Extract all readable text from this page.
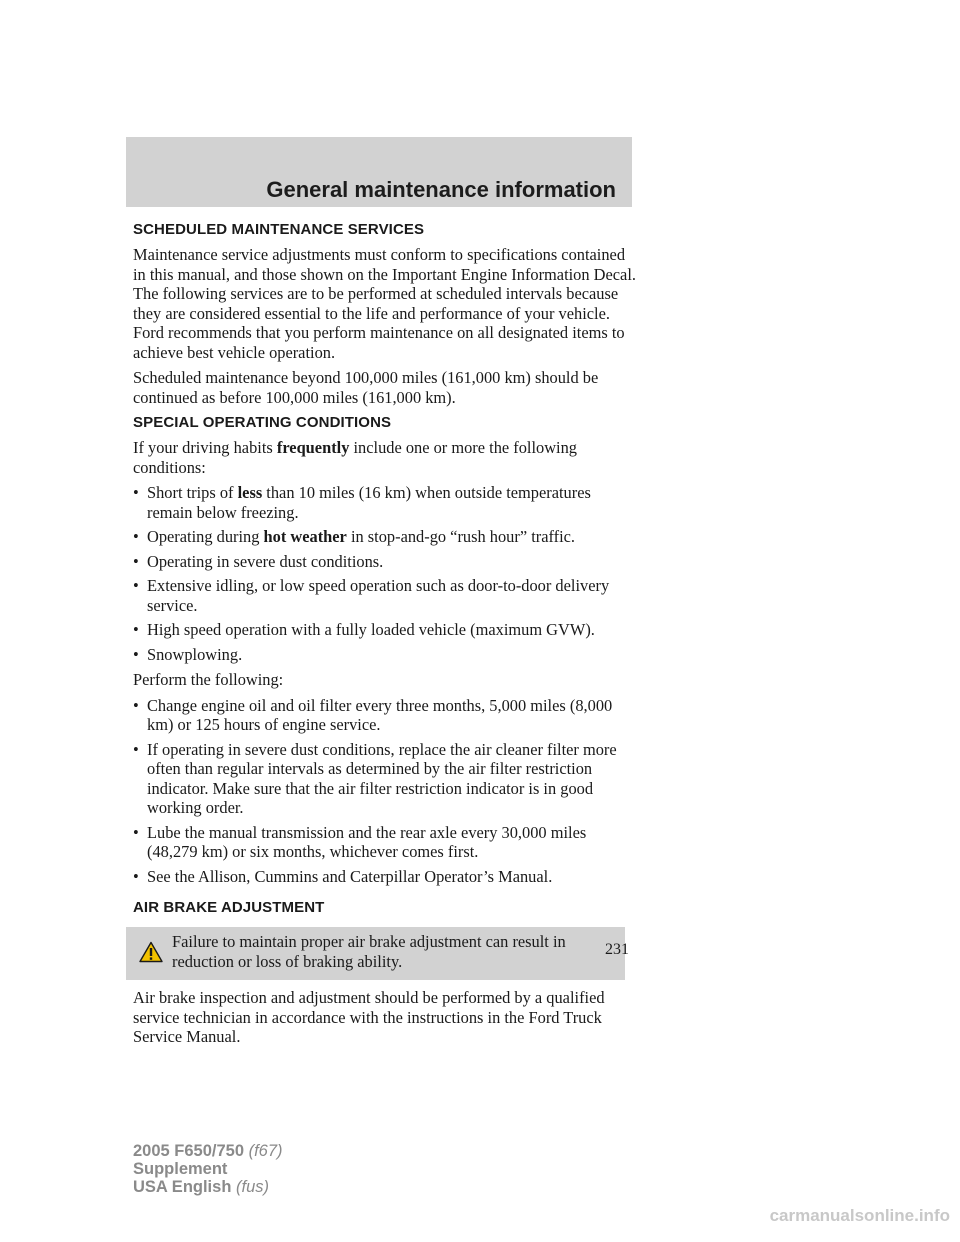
General maintenance information
SCHEDULED MAINTENANCE SERVICES

Maintenance service adjustments must conform to specifications contained in this manual, and those shown on the Important Engine Information Decal. The following services are to be performed at scheduled intervals because they are considered essential to the life and performance of your vehicle. Ford recommends that you perform maintenance on all designated items to achieve best vehicle operation.

Scheduled maintenance beyond 100,000 miles (161,000 km) should be continued as before 100,000 miles (161,000 km).

SPECIAL OPERATING CONDITIONS

If your driving habits frequently include one or more the following conditions:

• Short trips of less than 10 miles (16 km) when outside temperatures remain below freezing.
• Operating during hot weather in stop-and-go “rush hour” traffic.
• Operating in severe dust conditions.
• Extensive idling, or low speed operation such as door-to-door delivery service.
• High speed operation with a fully loaded vehicle (maximum GVW).
• Snowplowing.

Perform the following:

• Change engine oil and oil filter every three months, 5,000 miles (8,000 km) or 125 hours of engine service.
• If operating in severe dust conditions, replace the air cleaner filter more often than regular intervals as determined by the air filter restriction indicator. Make sure that the air filter restriction indicator is in good working order.
• Lube the manual transmission and the rear axle every 30,000 miles (48,279 km) or six months, whichever comes first.
• See the Allison, Cummins and Caterpillar Operator’s Manual.
AIR BRAKE ADJUSTMENT
Failure to maintain proper air brake adjustment can result in reduction or loss of braking ability.

Air brake inspection and adjustment should be performed by a qualified service technician in accordance with the instructions in the Ford Truck Service Manual.

231
2005 F650/750 (f67)
Supplement
USA English (fus)
carmanualsonline.info
